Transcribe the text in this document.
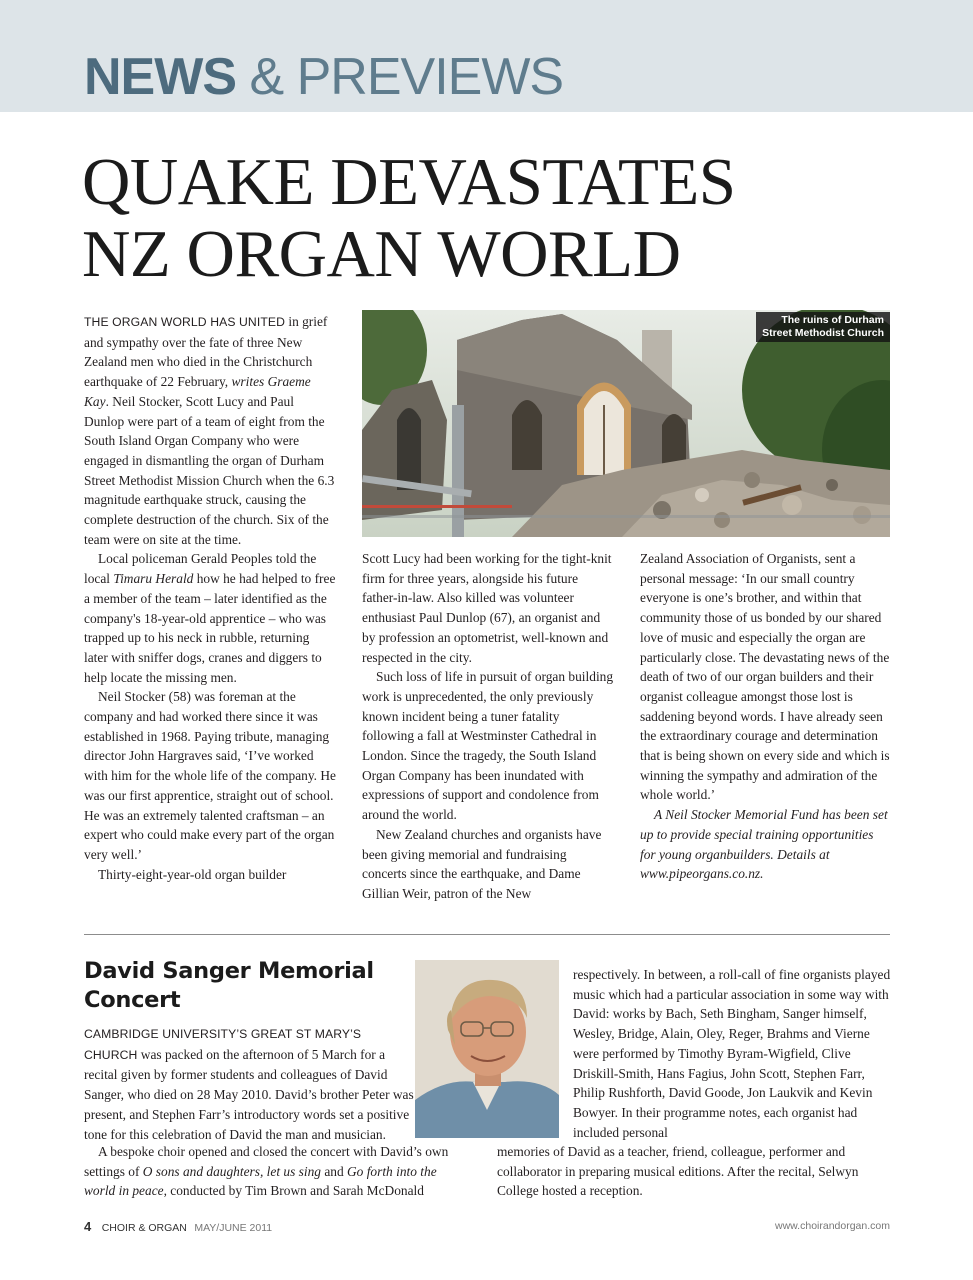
NEWS & PREVIEWS
QUAKE DEVASTATES
NZ ORGAN WORLD

THE ORGAN WORLD HAS UNITED in grief and sympathy over the fate of three New Zealand men who died in the Christchurch earthquake of 22 February, writes Graeme Kay. Neil Stocker, Scott Lucy and Paul Dunlop were part of a team of eight from the South Island Organ Company who were engaged in dismantling the organ of Durham Street Methodist Mission Church when the 6.3 magnitude earthquake struck, causing the complete destruction of the church. Six of the team were on site at the time.

Local policeman Gerald Peoples told the local Timaru Herald how he had helped to free a member of the team – later identified as the company's 18-year-old apprentice – who was trapped up to his neck in rubble, returning later with sniffer dogs, cranes and diggers to help locate the missing men.

Neil Stocker (58) was foreman at the company and had worked there since it was established in 1968. Paying tribute, managing director John Hargraves said, ‘I’ve worked with him for the whole life of the company. He was our first apprentice, straight out of school. He was an extremely talented craftsman – an expert who could make every part of the organ very well.’

Thirty-eight-year-old organ builder

The ruins of Durham
Street Methodist Church

Scott Lucy had been working for the tight-knit firm for three years, alongside his future father-in-law. Also killed was volunteer enthusiast Paul Dunlop (67), an organist and by profession an optometrist, well-known and respected in the city.

Such loss of life in pursuit of organ building work is unprecedented, the only previously known incident being a tuner fatality following a fall at Westminster Cathedral in London. Since the tragedy, the South Island Organ Company has been inundated with expressions of support and condolence from around the world.

New Zealand churches and organists have been giving memorial and fundraising concerts since the earthquake, and Dame Gillian Weir, patron of the New

Zealand Association of Organists, sent a personal message: ‘In our small country everyone is one’s brother, and within that community those of us bonded by our shared love of music and especially the organ are particularly close. The devastating news of the death of two of our organ builders and their organist colleague amongst those lost is saddening beyond words. I have already seen the extraordinary courage and determination that is being shown on every side and which is winning the sympathy and admiration of the whole world.’

A Neil Stocker Memorial Fund has been set up to provide special training opportunities for young organbuilders. Details at www.pipeorgans.co.nz.

David Sanger Memorial Concert

CAMBRIDGE UNIVERSITY’S GREAT ST MARY’S CHURCH was packed on the afternoon of 5 March for a recital given by former students and colleagues of David Sanger, who died on 28 May 2010. David’s brother Peter was present, and Stephen Farr’s introductory words set a positive tone for this celebration of David the man and musician.

A bespoke choir opened and closed the concert with David’s own settings of O sons and daughters, let us sing and Go forth into the world in peace, conducted by Tim Brown and Sarah McDonald

respectively. In between, a roll-call of fine organists played music which had a particular association in some way with David: works by Bach, Seth Bingham, Sanger himself, Wesley, Bridge, Alain, Oley, Reger, Brahms and Vierne were performed by Timothy Byram-Wigfield, Clive Driskill-Smith, Hans Fagius, John Scott, Stephen Farr, Philip Rushforth, David Goode, Jon Laukvik and Kevin Bowyer. In their programme notes, each organist had included personal

memories of David as a teacher, friend, colleague, performer and collaborator in preparing musical editions. After the recital, Selwyn College hosted a reception.

4 CHOIR & ORGAN MAY/JUNE 2011	www.choirandorgan.com
